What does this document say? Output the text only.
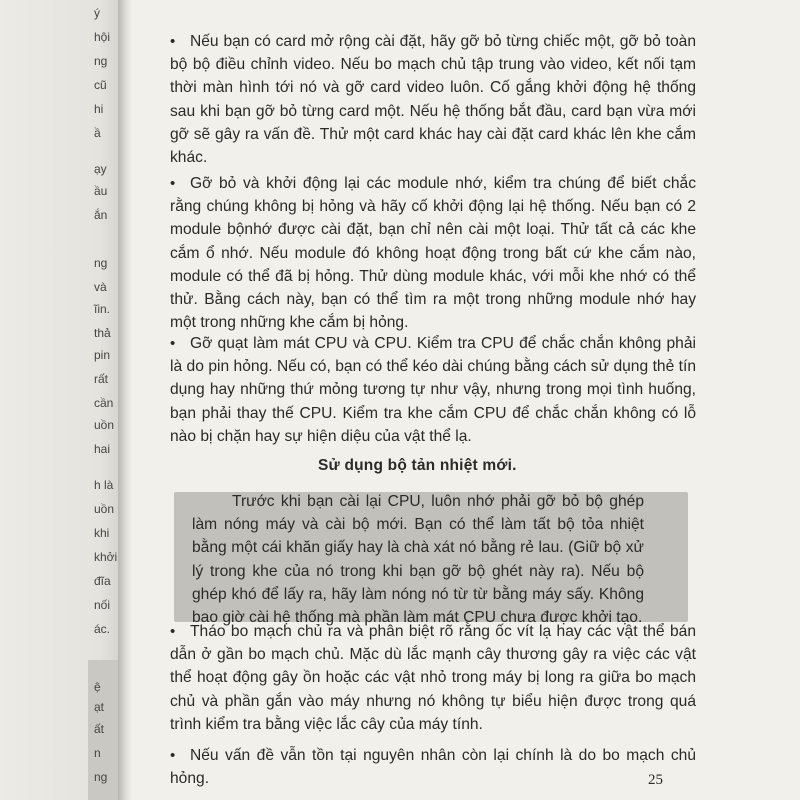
ý
hội
ng
cũ
hi
ầ
ạy
ầu
ắn
ng
và
ĩin.
thả
pin
rất
cần
uồn
hai
h là
uồn
khi
khởi
đĩa
nối
ác.
ệ
ạt
ất
n
ng
• Nếu bạn có card mở rộng cài đặt, hãy gỡ bỏ từng chiếc một, gỡ bỏ toàn bộ bộ điều chỉnh video. Nếu bo mạch chủ tập trung vào video, kết nối tạm thời màn hình tới nó và gỡ card video luôn. Cố gắng khởi động hệ thống sau khi bạn gỡ bỏ từng card một. Nếu hệ thống bắt đầu, card bạn vừa mới gỡ sẽ gây ra vấn đề. Thử một card khác hay cài đặt card khác lên khe cắm khác.
• Gỡ bỏ và khởi động lại các module nhớ, kiểm tra chúng để biết chắc rằng chúng không bị hỏng và hãy cố khởi động lại hệ thống. Nếu bạn có 2 module bộnhớ được cài đặt, bạn chỉ nên cài một loại. Thử tất cả các khe cắm ổ nhớ. Nếu module đó không hoạt động trong bất cứ khe cắm nào, module có thể đã bị hỏng. Thử dùng module khác, với mỗi khe nhớ có thể thử. Bằng cách này, bạn có thể tìm ra một trong những module nhớ hay một trong những khe cắm bị hỏng.
• Gỡ quạt làm mát CPU và CPU. Kiểm tra CPU để chắc chắn không phải là do pin hỏng. Nếu có, bạn có thể kéo dài chúng bằng cách sử dụng thẻ tín dụng hay những thứ mỏng tương tự như vậy, nhưng trong mọi tình huống, bạn phải thay thế CPU. Kiểm tra khe cắm CPU để chắc chắn không có lỗ nào bị chặn hay sự hiện diệu của vật thể lạ.
Sử dụng bộ tản nhiệt mới.
Trước khi bạn cài lại CPU, luôn nhớ phải gỡ bỏ bộ ghép làm nóng máy và cài bộ mới. Bạn có thể làm tất bộ tỏa nhiệt bằng một cái khăn giấy hay là chà xát nó bằng rẻ lau. (Giữ bộ xử lý trong khe của nó trong khi bạn gỡ bộ ghét này ra). Nếu bộ ghép khó để lấy ra, hãy làm nóng nó từ từ bằng máy sấy. Không bao giờ cài hệ thống mà phần làm mát CPU chưa được khởi tạo.
• Tháo bo mạch chủ ra và phân biệt rõ rằng ốc vít lạ hay các vật thể bán dẫn ở gần bo mạch chủ. Mặc dù lắc mạnh cây thương gây ra việc các vật thể hoạt động gây ồn hoặc các vật nhỏ trong máy bị long ra giữa bo mạch chủ và phần gắn vào máy nhưng nó không tự biểu hiện được trong quá trình kiểm tra bằng việc lắc cây của máy tính.
• Nếu vấn đề vẫn tồn tại nguyên nhân còn lại chính là do bo mạch chủ hỏng.	25
